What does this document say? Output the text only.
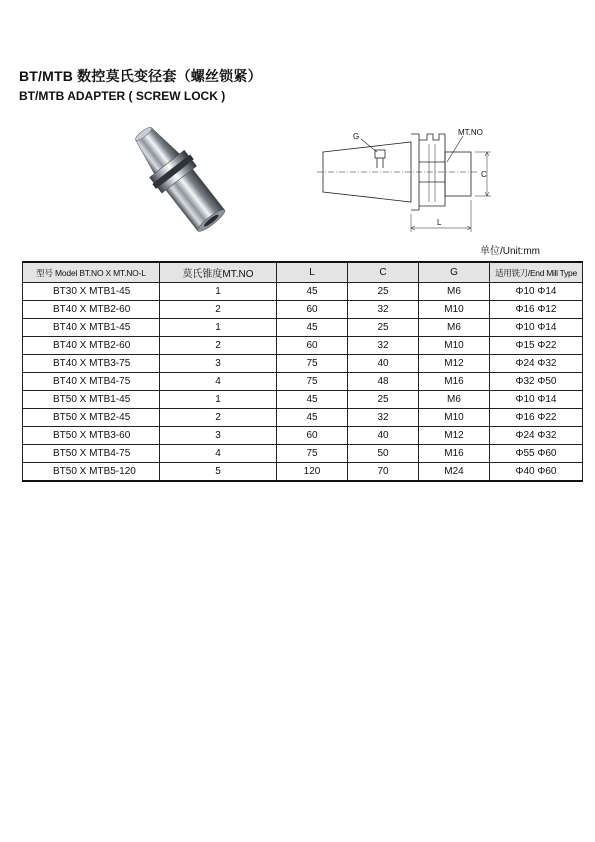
BT/MTB 数控莫氏变径套（螺丝锁紧）
BT/MTB ADAPTER ( SCREW LOCK )
G	MT.NO
C
L
单位/Unit:mm
型号 Model BT.NO X MT.NO-L	莫氏锥度MT.NO	L	C	G	适用铣刀/End Mill Type
BT30 X MTB1-45	1	45	25	M6	Φ10 Φ14
BT40 X MTB2-60	2	60	32	M10	Φ16 Φ12
BT40 X MTB1-45	1	45	25	M6	Φ10 Φ14
BT40 X MTB2-60	2	60	32	M10	Φ15 Φ22
BT40 X MTB3-75	3	75	40	M12	Φ24 Φ32
BT40 X MTB4-75	4	75	48	M16	Φ32 Φ50
BT50 X MTB1-45	1	45	25	M6	Φ10 Φ14
BT50 X MTB2-45	2	45	32	M10	Φ16 Φ22
BT50 X MTB3-60	3	60	40	M12	Φ24 Φ32
BT50 X MTB4-75	4	75	50	M16	Φ55 Φ60
BT50 X MTB5-120	5	120	70	M24	Φ40 Φ60
